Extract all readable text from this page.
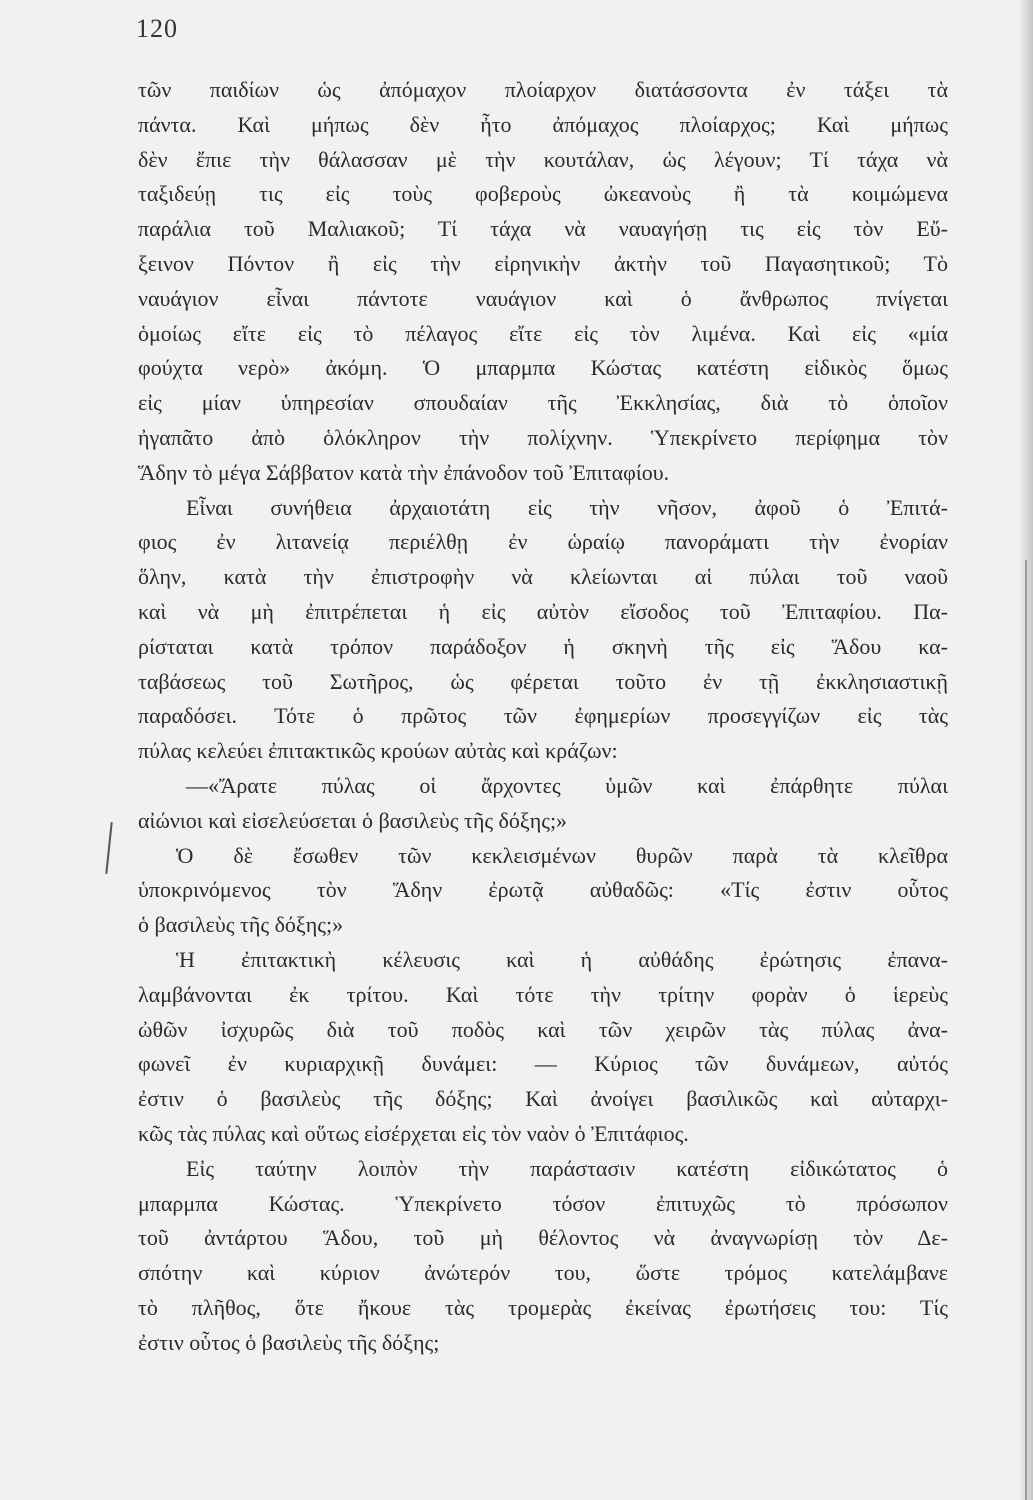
120
τῶν παιδίων ὡς ἀπόμαχον πλοίαρχον διατάσσοντα ἐν τάξει τὰ
πάντα. Καὶ μήπως δὲν ἦτο ἀπόμαχος πλοίαρχος; Καὶ μήπως
δὲν ἔπιε τὴν θάλασσαν μὲ τὴν κουτάλαν, ὡς λέγουν; Τί τάχα νὰ
ταξιδεύῃ τις εἰς τοὺς φοβεροὺς ὠκεανοὺς ἢ τὰ κοιμώμενα
παράλια τοῦ Μαλιακοῦ; Τί τάχα νὰ ναυαγήσῃ τις εἰς τὸν Εὔ-
ξεινον Πόντον ἢ εἰς τὴν εἰρηνικὴν ἀκτὴν τοῦ Παγασητικοῦ; Τὸ
ναυάγιον εἶναι πάντοτε ναυάγιον καὶ ὁ ἄνθρωπος πνίγεται
ὁμοίως εἴτε εἰς τὸ πέλαγος εἴτε εἰς τὸν λιμένα. Καὶ εἰς «μία
φούχτα νερὸ» ἀκόμη. Ὁ μπαρμπα Κώστας κατέστη εἰδικὸς ὅμως
εἰς μίαν ὑπηρεσίαν σπουδαίαν τῆς Ἐκκλησίας, διὰ τὸ ὁποῖον
ἠγαπᾶτο ἀπὸ ὁλόκληρον τὴν πολίχνην. Ὑπεκρίνετο περίφημα τὸν
Ἅδην τὸ μέγα Σάββατον κατὰ τὴν ἐπάνοδον τοῦ Ἐπιταφίου.
Εἶναι συνήθεια ἀρχαιοτάτη εἰς τὴν νῆσον, ἀφοῦ ὁ Ἐπιτά-
φιος ἐν λιτανείᾳ περιέλθῃ ἐν ὡραίῳ πανοράματι τὴν ἐνορίαν
ὅλην, κατὰ τὴν ἐπιστροφὴν νὰ κλείωνται αἱ πύλαι τοῦ ναοῦ
καὶ νὰ μὴ ἐπιτρέπεται ἡ εἰς αὐτὸν εἴσοδος τοῦ Ἐπιταφίου. Πα-
ρίσταται κατὰ τρόπον παράδοξον ἡ σκηνὴ τῆς εἰς Ἅδου κα-
ταβάσεως τοῦ Σωτῆρος, ὡς φέρεται τοῦτο ἐν τῇ ἐκκλησιαστικῇ
παραδόσει. Τότε ὁ πρῶτος τῶν ἐφημερίων προσεγγίζων εἰς τὰς
πύλας κελεύει ἐπιτακτικῶς κρούων αὐτὰς καὶ κράζων:
—«Ἄρατε πύλας οἱ ἄρχοντες ὑμῶν καὶ ἐπάρθητε πύλαι
αἰώνιοι καὶ εἰσελεύσεται ὁ βασιλεὺς τῆς δόξης;»
Ὁ δὲ ἔσωθεν τῶν κεκλεισμένων θυρῶν παρὰ τὰ κλεῖθρα
ὑποκρινόμενος τὸν Ἅδην ἐρωτᾷ αὐθαδῶς: «Τίς ἐστιν οὗτος
ὁ βασιλεὺς τῆς δόξης;»
Ἡ ἐπιτακτικὴ κέλευσις καὶ ἡ αὐθάδης ἐρώτησις ἐπανα-
λαμβάνονται ἐκ τρίτου. Καὶ τότε τὴν τρίτην φορὰν ὁ ἱερεὺς
ὠθῶν ἰσχυρῶς διὰ τοῦ ποδὸς καὶ τῶν χειρῶν τὰς πύλας ἀνα-
φωνεῖ ἐν κυριαρχικῇ δυνάμει: — Κύριος τῶν δυνάμεων, αὐτός
ἐστιν ὁ βασιλεὺς τῆς δόξης; Καὶ ἀνοίγει βασιλικῶς καὶ αὐταρχι-
κῶς τὰς πύλας καὶ οὕτως εἰσέρχεται εἰς τὸν ναὸν ὁ Ἐπιτάφιος.
Εἰς ταύτην λοιπὸν τὴν παράστασιν κατέστη εἰδικώτατος ὁ
μπαρμπα Κώστας. Ὑπεκρίνετο τόσον ἐπιτυχῶς τὸ πρόσωπον
τοῦ ἀντάρτου Ἅδου, τοῦ μὴ θέλοντος νὰ ἀναγνωρίσῃ τὸν Δε-
σπότην καὶ κύριον ἀνώτερόν του, ὥστε τρόμος κατελάμβανε
τὸ πλῆθος, ὅτε ἤκουε τὰς τρομερὰς ἐκείνας ἐρωτήσεις του: Τίς
ἐστιν οὗτος ὁ βασιλεὺς τῆς δόξης;
